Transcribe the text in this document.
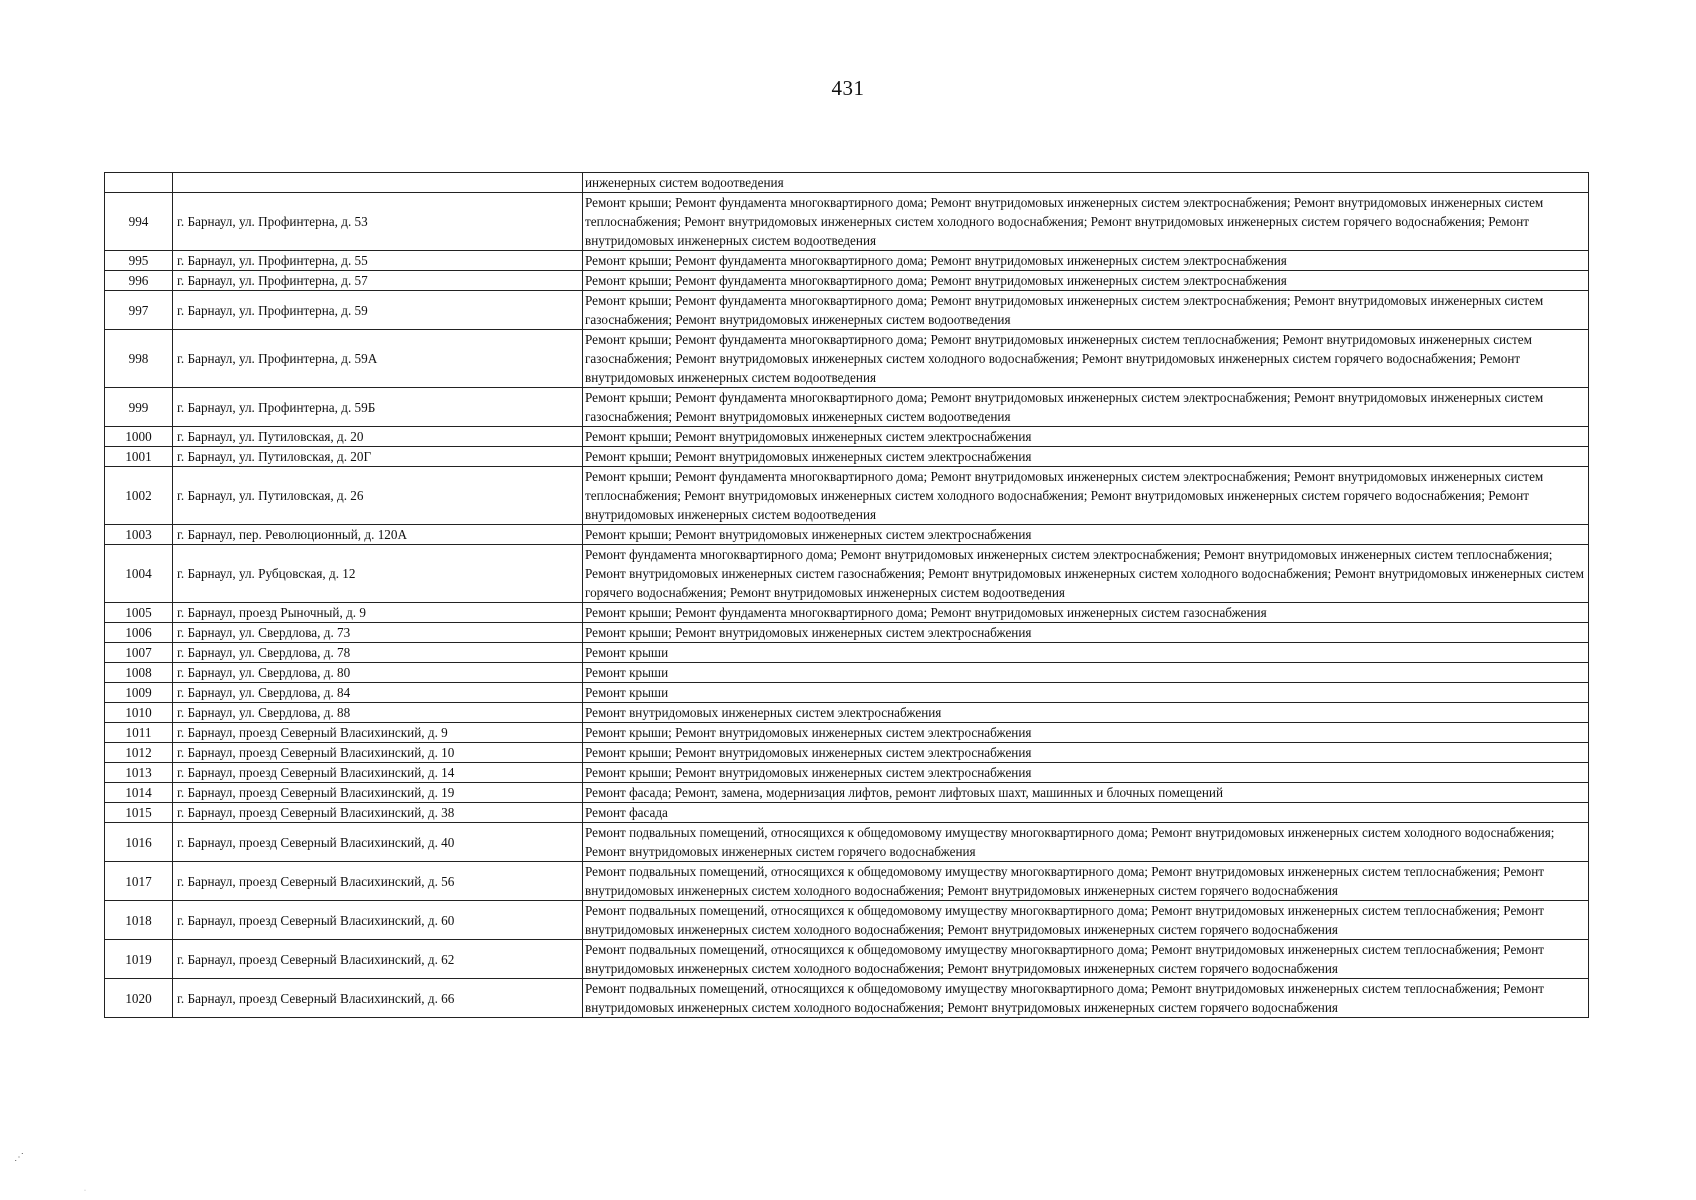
431
		инженерных систем водоотведения
994	г. Барнаул, ул. Профинтерна, д. 53	Ремонт крыши; Ремонт фундамента многоквартирного дома; Ремонт внутридомовых инженерных систем электроснабжения; Ремонт внутридомовых инженерных систем теплоснабжения; Ремонт внутридомовых инженерных систем холодного водоснабжения; Ремонт внутридомовых инженерных систем горячего водоснабжения; Ремонт внутридомовых инженерных систем водоотведения
995	г. Барнаул, ул. Профинтерна, д. 55	Ремонт крыши; Ремонт фундамента многоквартирного дома; Ремонт внутридомовых инженерных систем электроснабжения
996	г. Барнаул, ул. Профинтерна, д. 57	Ремонт крыши; Ремонт фундамента многоквартирного дома; Ремонт внутридомовых инженерных систем электроснабжения
997	г. Барнаул, ул. Профинтерна, д. 59	Ремонт крыши; Ремонт фундамента многоквартирного дома; Ремонт внутридомовых инженерных систем электроснабжения; Ремонт внутридомовых инженерных систем газоснабжения; Ремонт внутридомовых инженерных систем водоотведения
998	г. Барнаул, ул. Профинтерна, д. 59А	Ремонт крыши; Ремонт фундамента многоквартирного дома; Ремонт внутридомовых инженерных систем теплоснабжения; Ремонт внутридомовых инженерных систем газоснабжения; Ремонт внутридомовых инженерных систем холодного водоснабжения; Ремонт внутридомовых инженерных систем горячего водоснабжения; Ремонт внутридомовых инженерных систем водоотведения
999	г. Барнаул, ул. Профинтерна, д. 59Б	Ремонт крыши; Ремонт фундамента многоквартирного дома; Ремонт внутридомовых инженерных систем электроснабжения; Ремонт внутридомовых инженерных систем газоснабжения; Ремонт внутридомовых инженерных систем водоотведения
1000	г. Барнаул, ул. Путиловская, д. 20	Ремонт крыши; Ремонт внутридомовых инженерных систем электроснабжения
1001	г. Барнаул, ул. Путиловская, д. 20Г	Ремонт крыши; Ремонт внутридомовых инженерных систем электроснабжения
1002	г. Барнаул, ул. Путиловская, д. 26	Ремонт крыши; Ремонт фундамента многоквартирного дома; Ремонт внутридомовых инженерных систем электроснабжения; Ремонт внутридомовых инженерных систем теплоснабжения; Ремонт внутридомовых инженерных систем холодного водоснабжения; Ремонт внутридомовых инженерных систем горячего водоснабжения; Ремонт внутридомовых инженерных систем водоотведения
1003	г. Барнаул, пер. Революционный, д. 120А	Ремонт крыши; Ремонт внутридомовых инженерных систем электроснабжения
1004	г. Барнаул, ул. Рубцовская, д. 12	Ремонт фундамента многоквартирного дома; Ремонт внутридомовых инженерных систем электроснабжения; Ремонт внутридомовых инженерных систем теплоснабжения; Ремонт внутридомовых инженерных систем газоснабжения; Ремонт внутридомовых инженерных систем холодного водоснабжения; Ремонт внутридомовых инженерных систем горячего водоснабжения; Ремонт внутридомовых инженерных систем водоотведения
1005	г. Барнаул, проезд Рыночный, д. 9	Ремонт крыши; Ремонт фундамента многоквартирного дома; Ремонт внутридомовых инженерных систем газоснабжения
1006	г. Барнаул, ул. Свердлова, д. 73	Ремонт крыши; Ремонт внутридомовых инженерных систем электроснабжения
1007	г. Барнаул, ул. Свердлова, д. 78	Ремонт крыши
1008	г. Барнаул, ул. Свердлова, д. 80	Ремонт крыши
1009	г. Барнаул, ул. Свердлова, д. 84	Ремонт крыши
1010	г. Барнаул, ул. Свердлова, д. 88	Ремонт внутридомовых инженерных систем электроснабжения
1011	г. Барнаул, проезд Северный Власихинский, д. 9	Ремонт крыши; Ремонт внутридомовых инженерных систем электроснабжения
1012	г. Барнаул, проезд Северный Власихинский, д. 10	Ремонт крыши; Ремонт внутридомовых инженерных систем электроснабжения
1013	г. Барнаул, проезд Северный Власихинский, д. 14	Ремонт крыши; Ремонт внутридомовых инженерных систем электроснабжения
1014	г. Барнаул, проезд Северный Власихинский, д. 19	Ремонт фасада; Ремонт, замена, модернизация лифтов, ремонт лифтовых шахт, машинных и блочных помещений
1015	г. Барнаул, проезд Северный Власихинский, д. 38	Ремонт фасада
1016	г. Барнаул, проезд Северный Власихинский, д. 40	Ремонт подвальных помещений, относящихся к общедомовому имуществу многоквартирного дома; Ремонт внутридомовых инженерных систем холодного водоснабжения; Ремонт внутридомовых инженерных систем горячего водоснабжения
1017	г. Барнаул, проезд Северный Власихинский, д. 56	Ремонт подвальных помещений, относящихся к общедомовому имуществу многоквартирного дома; Ремонт внутридомовых инженерных систем теплоснабжения; Ремонт внутридомовых инженерных систем холодного водоснабжения; Ремонт внутридомовых инженерных систем горячего водоснабжения
1018	г. Барнаул, проезд Северный Власихинский, д. 60	Ремонт подвальных помещений, относящихся к общедомовому имуществу многоквартирного дома; Ремонт внутридомовых инженерных систем теплоснабжения; Ремонт внутридомовых инженерных систем холодного водоснабжения; Ремонт внутридомовых инженерных систем горячего водоснабжения
1019	г. Барнаул, проезд Северный Власихинский, д. 62	Ремонт подвальных помещений, относящихся к общедомовому имуществу многоквартирного дома; Ремонт внутридомовых инженерных систем теплоснабжения; Ремонт внутридомовых инженерных систем холодного водоснабжения; Ремонт внутридомовых инженерных систем горячего водоснабжения
1020	г. Барнаул, проезд Северный Власихинский, д. 66	Ремонт подвальных помещений, относящихся к общедомовому имуществу многоквартирного дома; Ремонт внутридомовых инженерных систем теплоснабжения; Ремонт внутридомовых инженерных систем холодного водоснабжения; Ремонт внутридомовых инженерных систем горячего водоснабжения
⋰
·
